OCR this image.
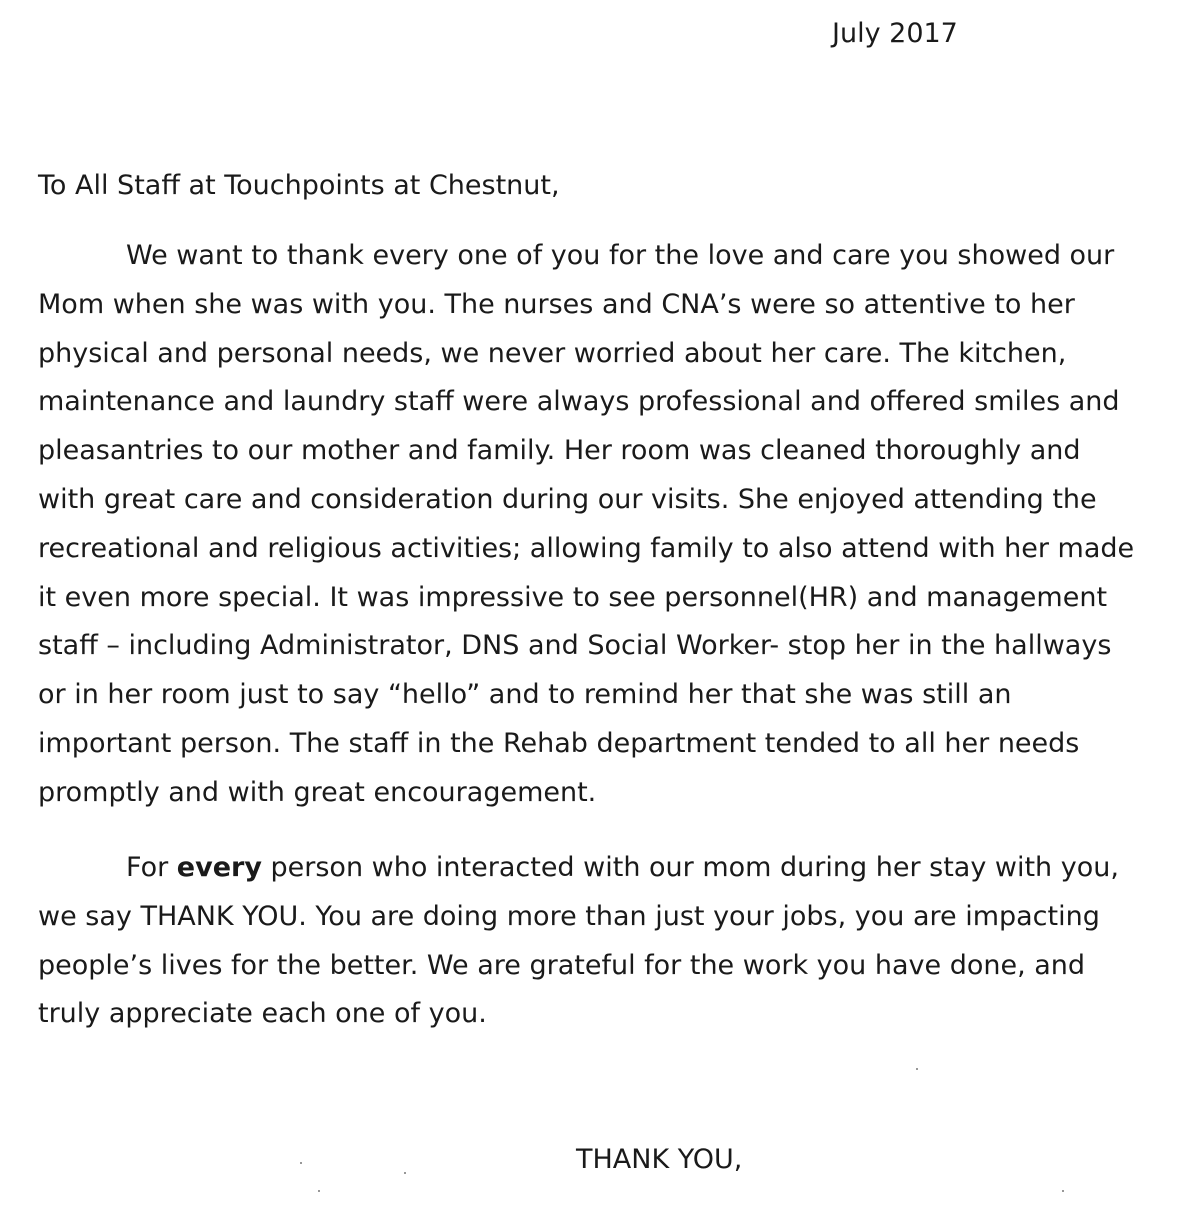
July 2017
To All Staff at Touchpoints at Chestnut,
We want to thank every one of you for the love and care you showed our
Mom when she was with you. The nurses and CNA’s were so attentive to her
physical and personal needs, we never worried about her care. The kitchen,
maintenance and laundry staff were always professional and offered smiles and
pleasantries to our mother and family. Her room was cleaned thoroughly and
with great care and consideration during our visits. She enjoyed attending the
recreational and religious activities; allowing family to also attend with her made
it even more special. It was impressive to see personnel(HR) and management
staff – including Administrator, DNS and Social Worker- stop her in the hallways
or in her room just to say “hello” and to remind her that she was still an
important person. The staff in the Rehab department tended to all her needs
promptly and with great encouragement.
For every person who interacted with our mom during her stay with you,
we say THANK YOU. You are doing more than just your jobs, you are impacting
people’s lives for the better. We are grateful for the work you have done, and
truly appreciate each one of you.
THANK YOU,
